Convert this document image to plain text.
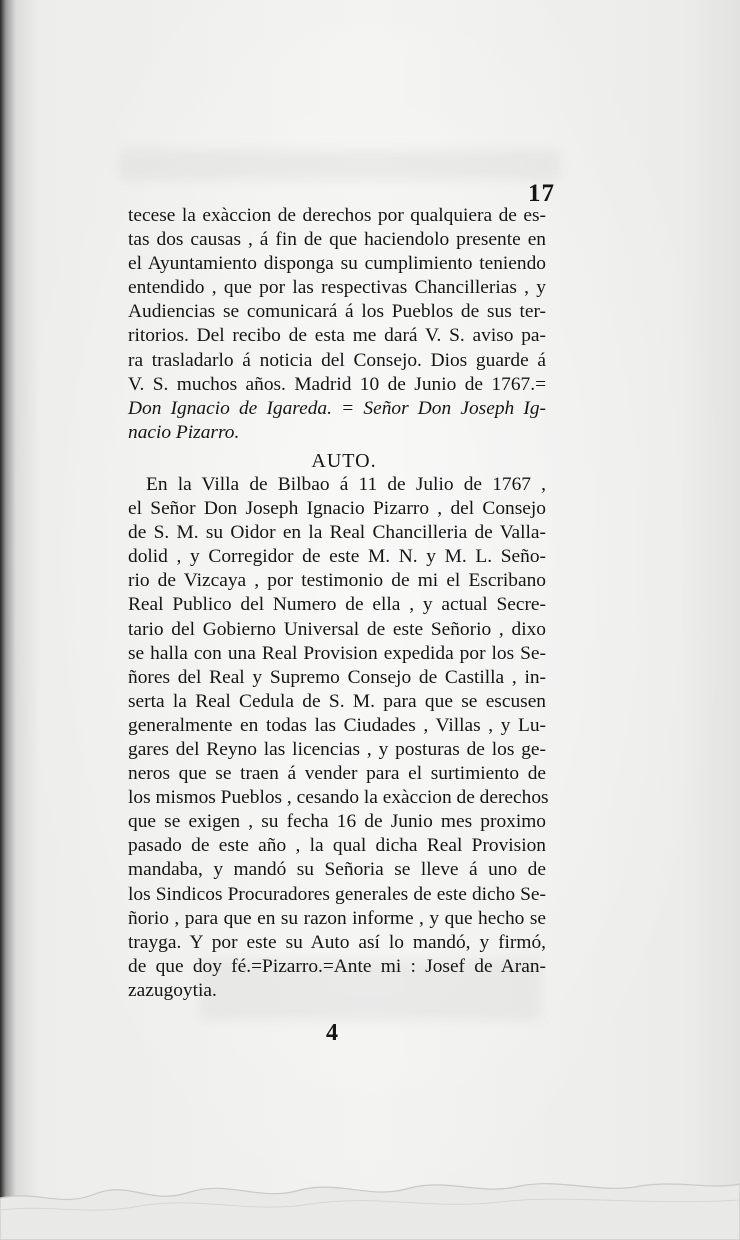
17
tecese la exàccion de derechos por qualquiera de es-
tas dos causas , á fin de que haciendolo presente en
el Ayuntamiento disponga su cumplimiento teniendo
entendido , que por las respectivas Chancillerias , y
Audiencias se comunicará á los Pueblos de sus ter-
ritorios. Del recibo de esta me dará V. S. aviso pa-
ra trasladarlo á noticia del Consejo. Dios guarde á
V. S. muchos años. Madrid 10 de Junio de 1767.=
Don Ignacio de Igareda. = Señor Don Joseph Ig-
nacio Pizarro.
AUTO.
En la Villa de Bilbao á 11 de Julio de 1767 ,
el Señor Don Joseph Ignacio Pizarro , del Consejo
de S. M. su Oidor en la Real Chancilleria de Valla-
dolid , y Corregidor de este M. N. y M. L. Seño-
rio de Vizcaya , por testimonio de mi el Escribano
Real Publico del Numero de ella , y actual Secre-
tario del Gobierno Universal de este Señorio , dixo
se halla con una Real Provision expedida por los Se-
ñores del Real y Supremo Consejo de Castilla , in-
serta la Real Cedula de S. M. para que se escusen
generalmente en todas las Ciudades , Villas , y Lu-
gares del Reyno las licencias , y posturas de los ge-
neros que se traen á vender para el surtimiento de
los mismos Pueblos , cesando la exàccion de derechos
que se exigen , su fecha 16 de Junio mes proximo
pasado de este año , la qual dicha Real Provision
mandaba, y mandó su Señoria se lleve á uno de
los Sindicos Procuradores generales de este dicho Se-
ñorio , para que en su razon informe , y que hecho se
trayga. Y por este su Auto así lo mandó, y firmó,
de que doy fé.=Pizarro.=Ante mi : Josef de Aran-
zazugoytia.
4
